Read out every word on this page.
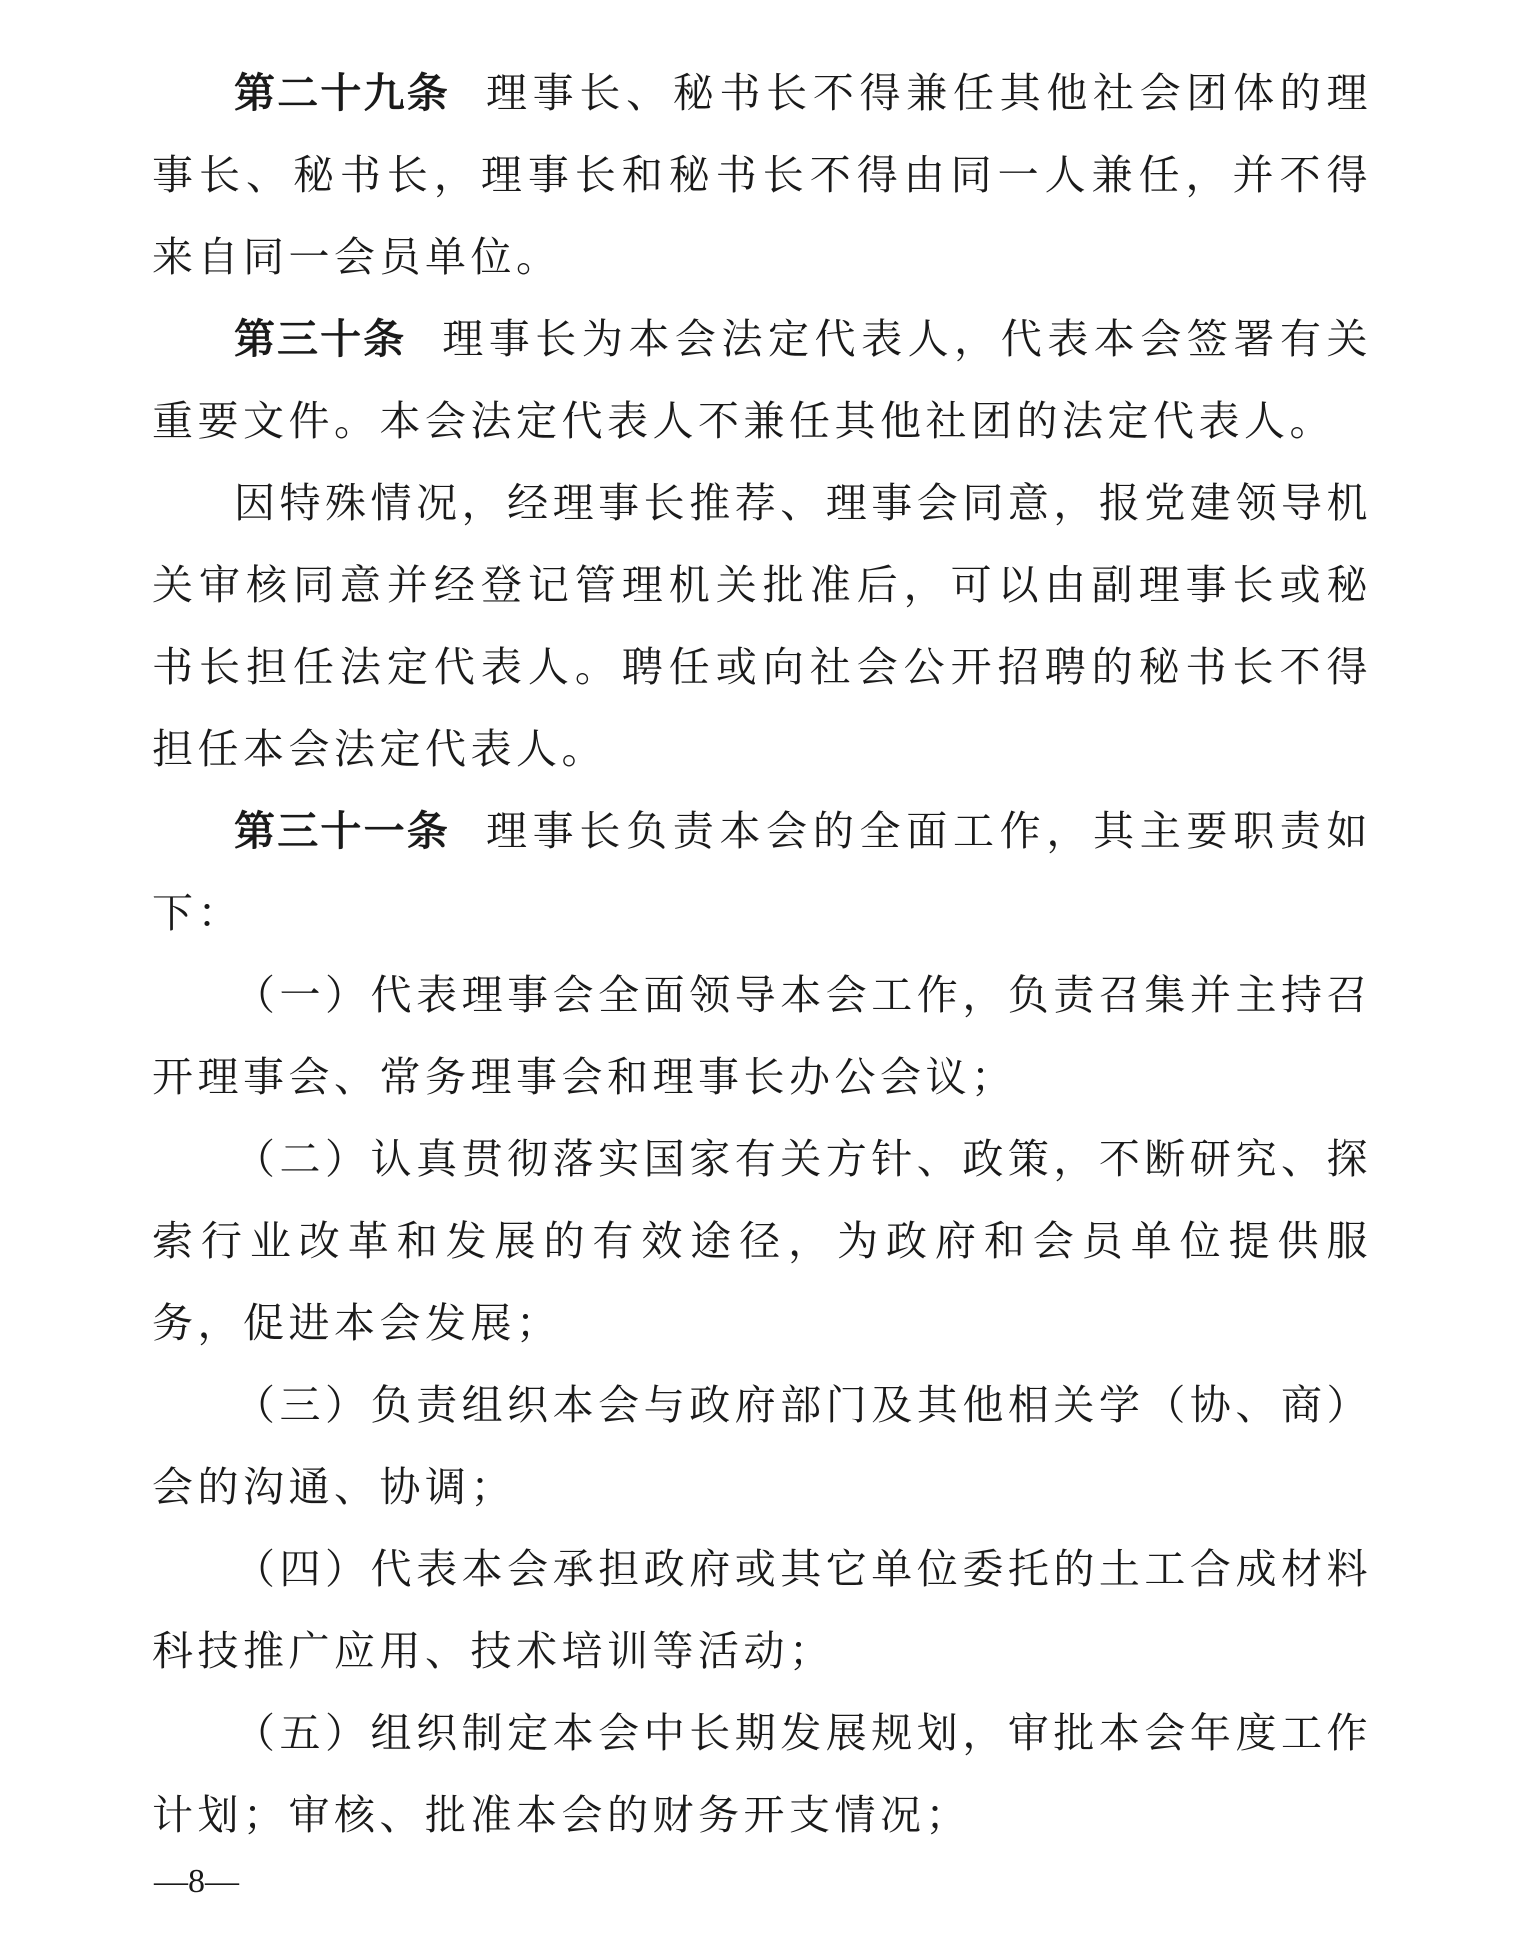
第二十九条 理事长、秘书长不得兼任其他社会团体的理事长、秘书长，理事长和秘书长不得由同一人兼任，并不得来自同一会员单位。

第三十条 理事长为本会法定代表人，代表本会签署有关重要文件。本会法定代表人不兼任其他社团的法定代表人。

因特殊情况，经理事长推荐、理事会同意，报党建领导机关审核同意并经登记管理机关批准后，可以由副理事长或秘书长担任法定代表人。聘任或向社会公开招聘的秘书长不得担任本会法定代表人。

第三十一条 理事长负责本会的全面工作，其主要职责如下：

（一）代表理事会全面领导本会工作，负责召集并主持召开理事会、常务理事会和理事长办公会议；

（二）认真贯彻落实国家有关方针、政策，不断研究、探索行业改革和发展的有效途径，为政府和会员单位提供服务，促进本会发展；

（三）负责组织本会与政府部门及其他相关学（协、商）会的沟通、协调；

（四）代表本会承担政府或其它单位委托的土工合成材料科技推广应用、技术培训等活动；

（五）组织制定本会中长期发展规划，审批本会年度工作计划；审核、批准本会的财务开支情况；

—8—
